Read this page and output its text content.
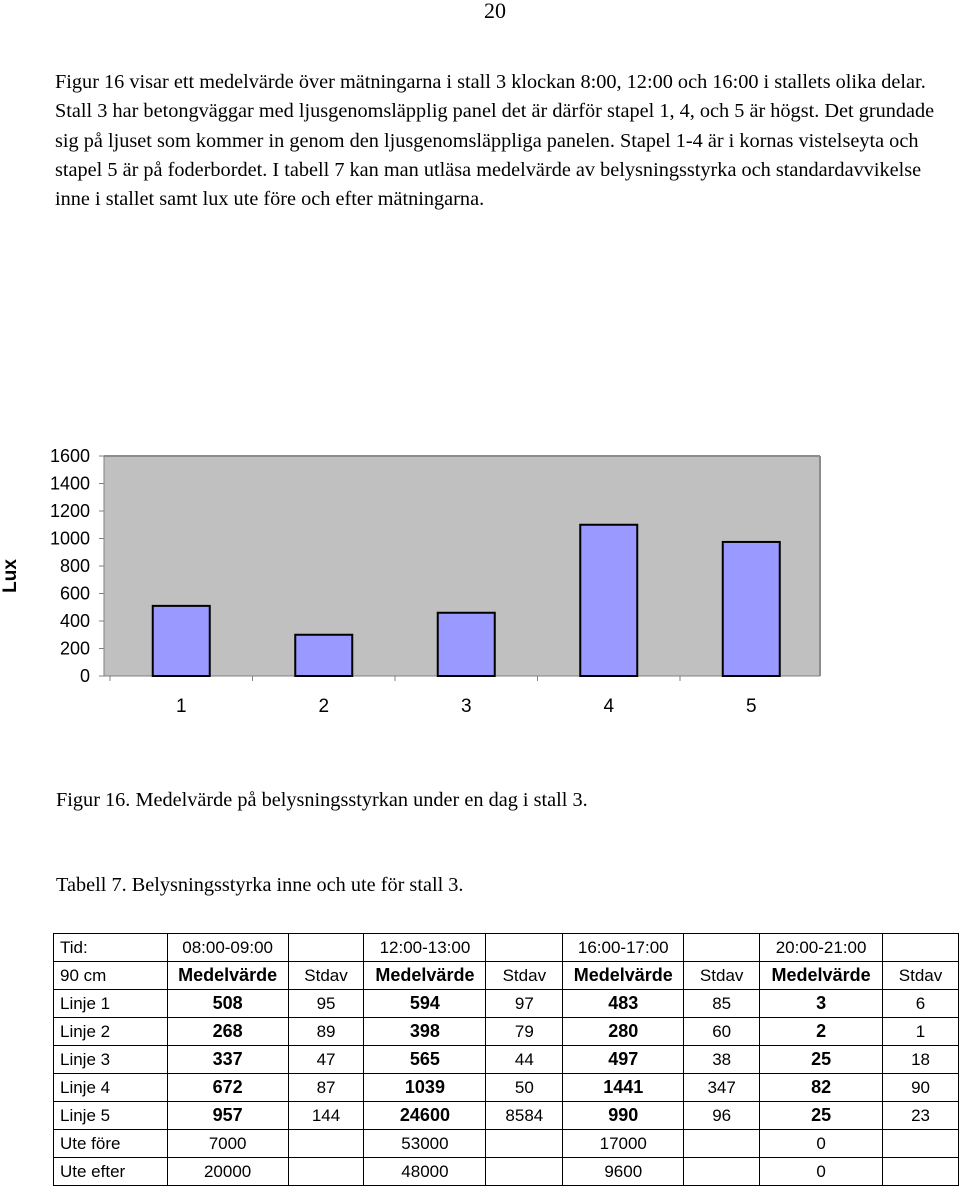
20

Figur 16 visar ett medelvärde över mätningarna i stall 3 klockan 8:00, 12:00 och 16:00 i stallets olika delar. Stall 3 har betongväggar med ljusgenomsläpplig panel det är därför stapel 1, 4, och 5 är högst. Det grundade sig på ljuset som kommer in genom den ljusgenomsläppliga panelen. Stapel 1-4 är i kornas vistelseyta och stapel 5 är på foderbordet. I tabell 7 kan man utläsa medelvärde av belysningsstyrka och standardavvikelse inne i stallet samt lux ute före och efter mätningarna.

0
200
400
600
800
1000
1200
1400
1600
Lux
1	2	3	4	5

Figur 16. Medelvärde på belysningsstyrkan under en dag i stall 3.

Tabell 7. Belysningsstyrka inne och ute för stall 3.

Tid:	08:00-09:00		12:00-13:00		16:00-17:00		20:00-21:00	
90 cm	Medelvärde	Stdav	Medelvärde	Stdav	Medelvärde	Stdav	Medelvärde	Stdav
Linje 1	508	95	594	97	483	85	3	6
Linje 2	268	89	398	79	280	60	2	1
Linje 3	337	47	565	44	497	38	25	18
Linje 4	672	87	1039	50	1441	347	82	90
Linje 5	957	144	24600	8584	990	96	25	23
Ute före	7000		53000		17000		0	
Ute efter	20000		48000		9600		0	
